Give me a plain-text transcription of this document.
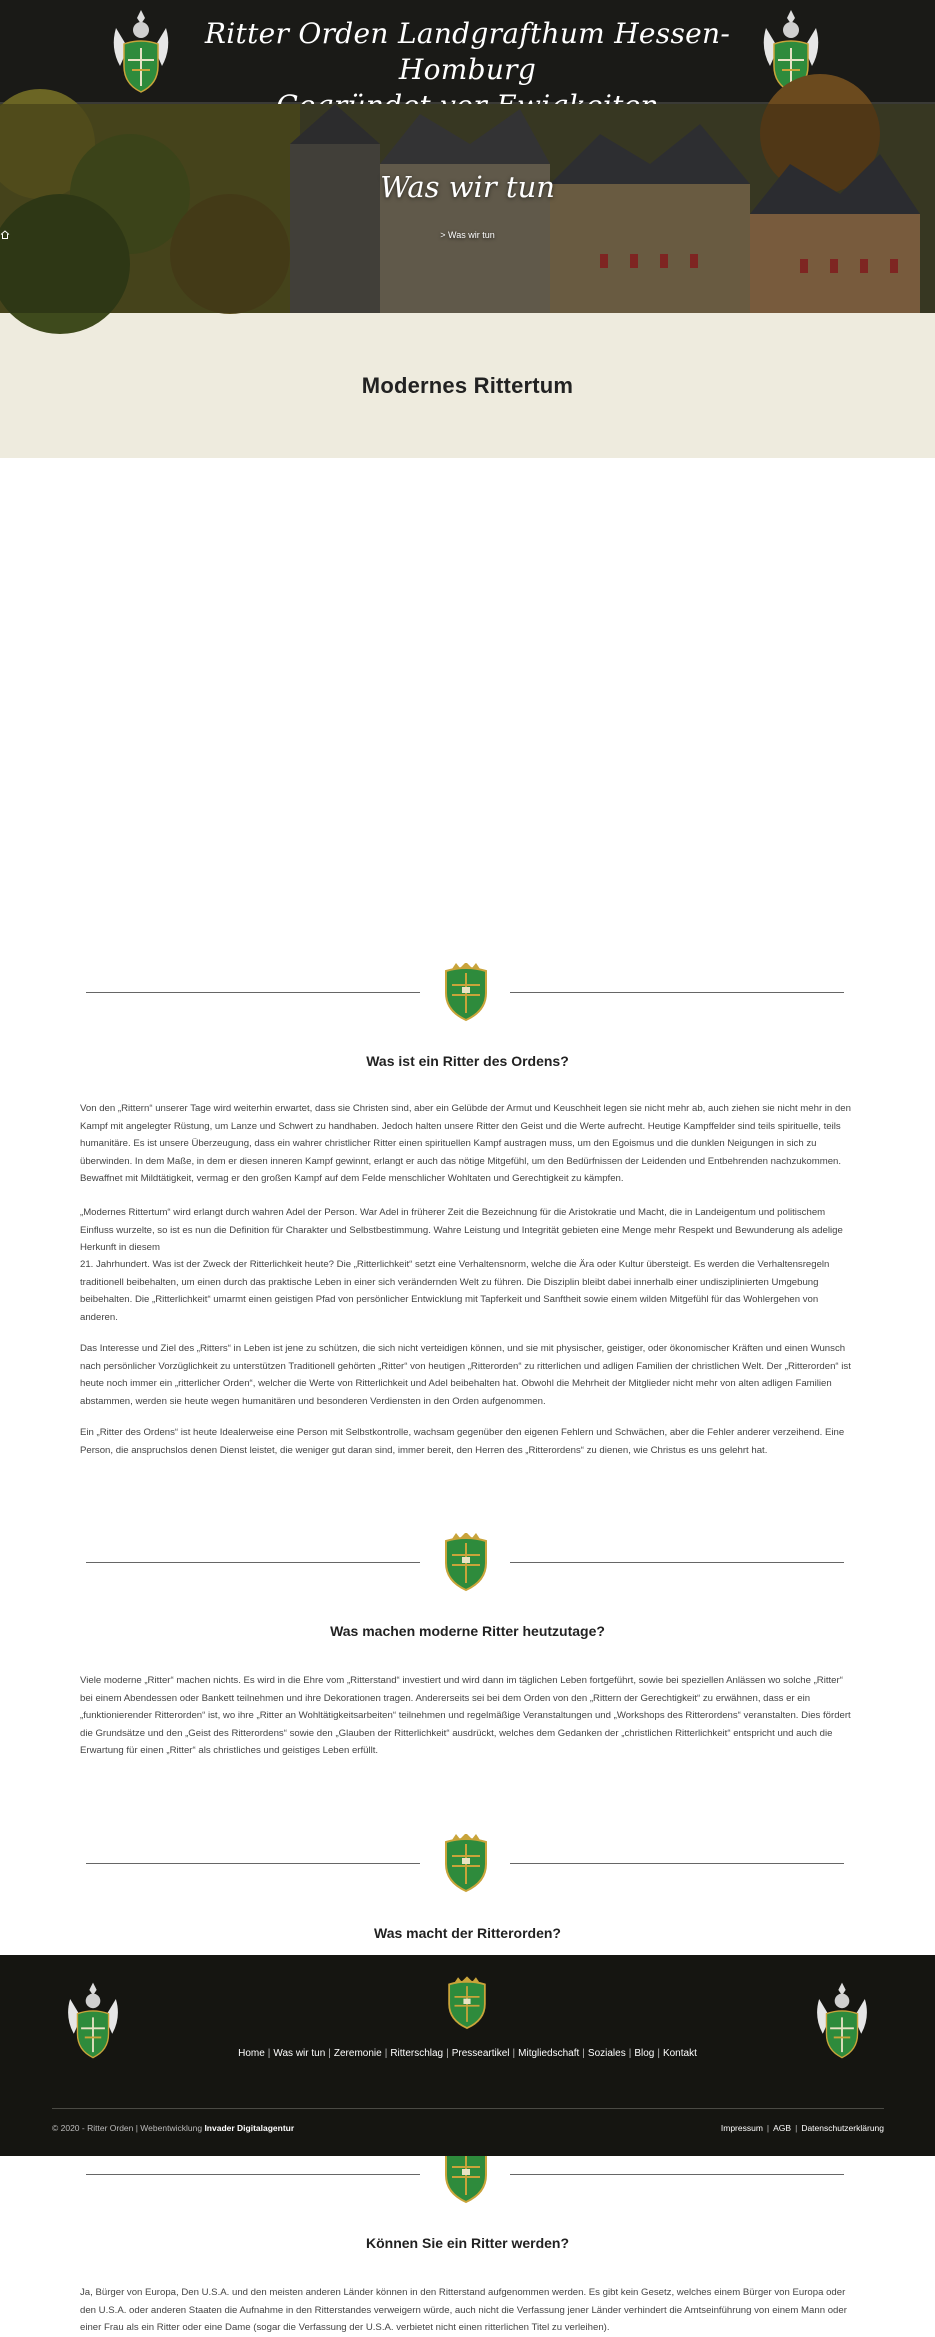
Ritter Orden Landgrafthum Hessen-Homburg
Was wir tun
> Was wir tun
Modernes Rittertum
Was ist ein Ritter des Ordens?
Von den „Rittern“ unserer Tage wird weiterhin erwartet, dass sie Christen sind, aber ein Gelübde der Armut und Keuschheit legen sie nicht mehr ab, auch ziehen sie nicht mehr in den Kampf mit angelegter Rüstung, um Lanze und Schwert zu handhaben. Jedoch halten unsere Ritter den Geist und die Werte aufrecht. Heutige Kampffelder sind teils spirituelle, teils humanitäre. Es ist unsere Überzeugung, dass ein wahrer christlicher Ritter einen spirituellen Kampf austragen muss, um den Egoismus und die dunklen Neigungen in sich zu überwinden. In dem Maße, in dem er diesen inneren Kampf gewinnt, erlangt er auch das nötige Mitgefühl, um den Bedürfnissen der Leidenden und Entbehrenden nachzukommen. Bewaffnet mit Mildtätigkeit, vermag er den großen Kampf auf dem Felde menschlicher Wohltaten und Gerechtigkeit zu kämpfen.
„Modernes Rittertum“ wird erlangt durch wahren Adel der Person. War Adel in früherer Zeit die Bezeichnung für die Aristokratie und Macht, die in Landeigentum und politischem Einfluss wurzelte, so ist es nun die Definition für Charakter und Selbstbestimmung. Wahre Leistung und Integrität gebieten eine Menge mehr Respekt und Bewunderung als adelige Herkunft in diesem
21. Jahrhundert. Was ist der Zweck der Ritterlichkeit heute? Die „Ritterlichkeit“ setzt eine Verhaltensnorm, welche die Ära oder Kultur übersteigt. Es werden die Verhaltensregeln traditionell beibehalten, um einen durch das praktische Leben in einer sich verändernden Welt zu führen. Die Disziplin bleibt dabei innerhalb einer undisziplinierten Umgebung beibehalten. Die „Ritterlichkeit“ umarmt einen geistigen Pfad von persönlicher Entwicklung mit Tapferkeit und Sanftheit sowie einem wilden Mitgefühl für das Wohlergehen von anderen.
Das Interesse und Ziel des „Ritters“ in Leben ist jene zu schützen, die sich nicht verteidigen können, und sie mit physischer, geistiger, oder ökonomischer Kräften und einen Wunsch nach persönlicher Vorzüglichkeit zu unterstützen Traditionell gehörten „Ritter“ von heutigen „Ritterorden“ zu ritterlichen und adligen Familien der christlichen Welt. Der „Ritterorden“ ist heute noch immer ein „ritterlicher Orden“, welcher die Werte von Ritterlichkeit und Adel beibehalten hat. Obwohl die Mehrheit der Mitglieder nicht mehr von alten adligen Familien abstammen, werden sie heute wegen humanitären und besonderen Verdiensten in den Orden aufgenommen.
Ein „Ritter des Ordens“ ist heute Idealerweise eine Person mit Selbstkontrolle, wachsam gegenüber den eigenen Fehlern und Schwächen, aber die Fehler anderer verzeihend. Eine Person, die anspruchslos denen Dienst leistet, die weniger gut daran sind, immer bereit, den Herren des „Ritterordens“ zu dienen, wie Christus es uns gelehrt hat.
Was machen moderne Ritter heutzutage?
Viele moderne „Ritter“ machen nichts. Es wird in die Ehre vom „Ritterstand“ investiert und wird dann im täglichen Leben fortgeführt, sowie bei speziellen Anlässen wo solche „Ritter“ bei einem Abendessen oder Bankett teilnehmen und ihre Dekorationen tragen. Andererseits sei bei dem Orden von den „Rittern der Gerechtigkeit“ zu erwähnen, dass er ein „funktionierender Ritterorden“ ist, wo ihre „Ritter an Wohltätigkeitsarbeiten“ teilnehmen und regelmäßige Veranstaltungen und „Workshops des Ritterordens“ veranstalten. Dies fördert die Grundsätze und den „Geist des Ritterordens“ sowie den „Glauben der Ritterlichkeit“ ausdrückt, welches dem Gedanken der „christlichen Ritterlichkeit“ entspricht und auch die Erwartung für einen „Ritter“ als christliches und geistiges Leben erfüllt.
Was macht der Ritterorden?
Können Sie ein Ritter werden?
Ja, Bürger von Europa, Den U.S.A. und den meisten anderen Länder können in den Ritterstand aufgenommen werden. Es gibt kein Gesetz, welches einem Bürger von Europa oder den U.S.A. oder anderen Staaten die Aufnahme in den Ritterstandes verweigern würde, auch nicht die Verfassung jener Länder verhindert die Amtseinführung von einem Mann oder einer Frau als ein Ritter oder eine Dame (sogar die Verfassung der U.S.A. verbietet nicht einen ritterlichen Titel zu verleihen).
Home | Was wir tun | Zeremonie | Ritterschlag | Presseartikel | Mitgliedschaft | Soziales | Blog | Kontakt
© 2020 - Ritter Orden | Webentwicklung Invader Digitalagentur	Impressum | AGB | Datenschutzerklärung
